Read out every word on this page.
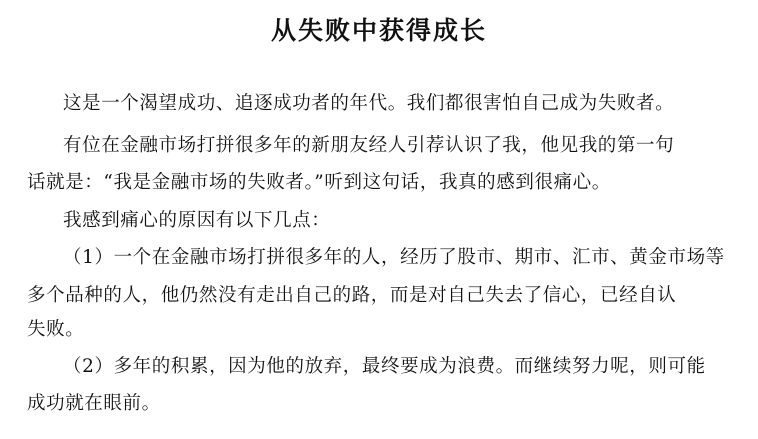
从失败中获得成长
这是一个渴望成功、追逐成功者的年代。我们都很害怕自己成为失败者。
有位在金融市场打拼很多年的新朋友经人引荐认识了我，他见我的第一句
话就是：“我是金融市场的失败者。”听到这句话，我真的感到很痛心。
我感到痛心的原因有以下几点：
（1）一个在金融市场打拼很多年的人，经历了股市、期市、汇市、黄金市场等
多个品种的人，他仍然没有走出自己的路，而是对自己失去了信心，已经自认
失败。
（2）多年的积累，因为他的放弃，最终要成为浪费。而继续努力呢，则可能
成功就在眼前。
